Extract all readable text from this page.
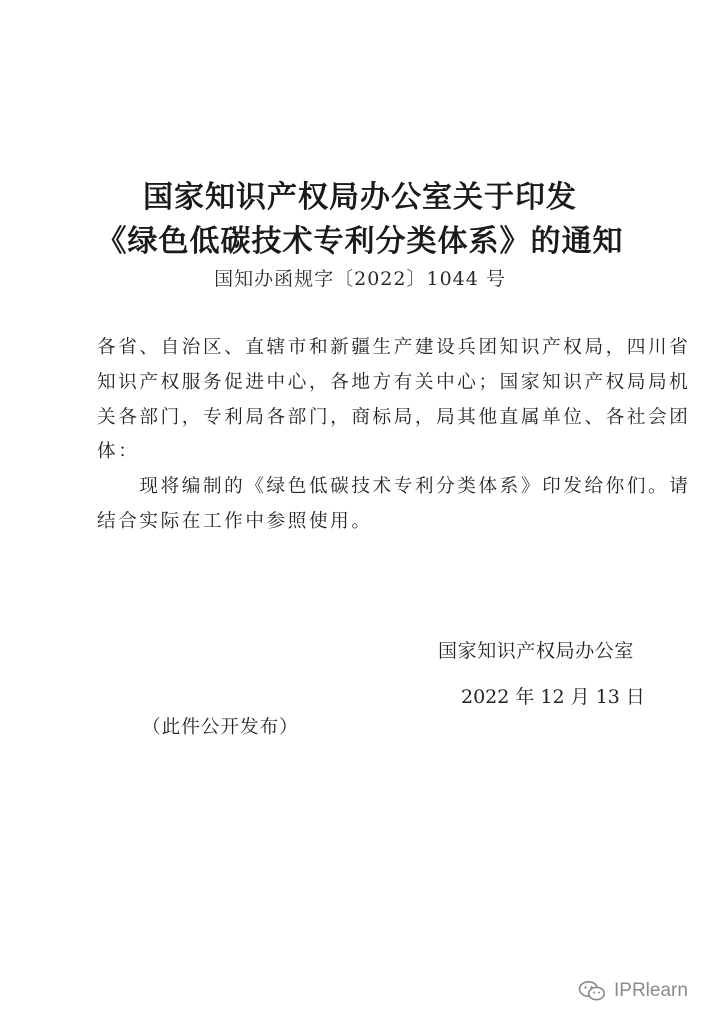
国家知识产权局办公室关于印发
《绿色低碳技术专利分类体系》的通知
国知办函规字〔2022〕1044 号
各省、自治区、直辖市和新疆生产建设兵团知识产权局，四川省
知识产权服务促进中心，各地方有关中心；国家知识产权局局机
关各部门，专利局各部门，商标局，局其他直属单位、各社会团
体：
　　现将编制的《绿色低碳技术专利分类体系》印发给你们。请
结合实际在工作中参照使用。
国家知识产权局办公室
2022 年 12 月 13 日
（此件公开发布）
IPRlearn
